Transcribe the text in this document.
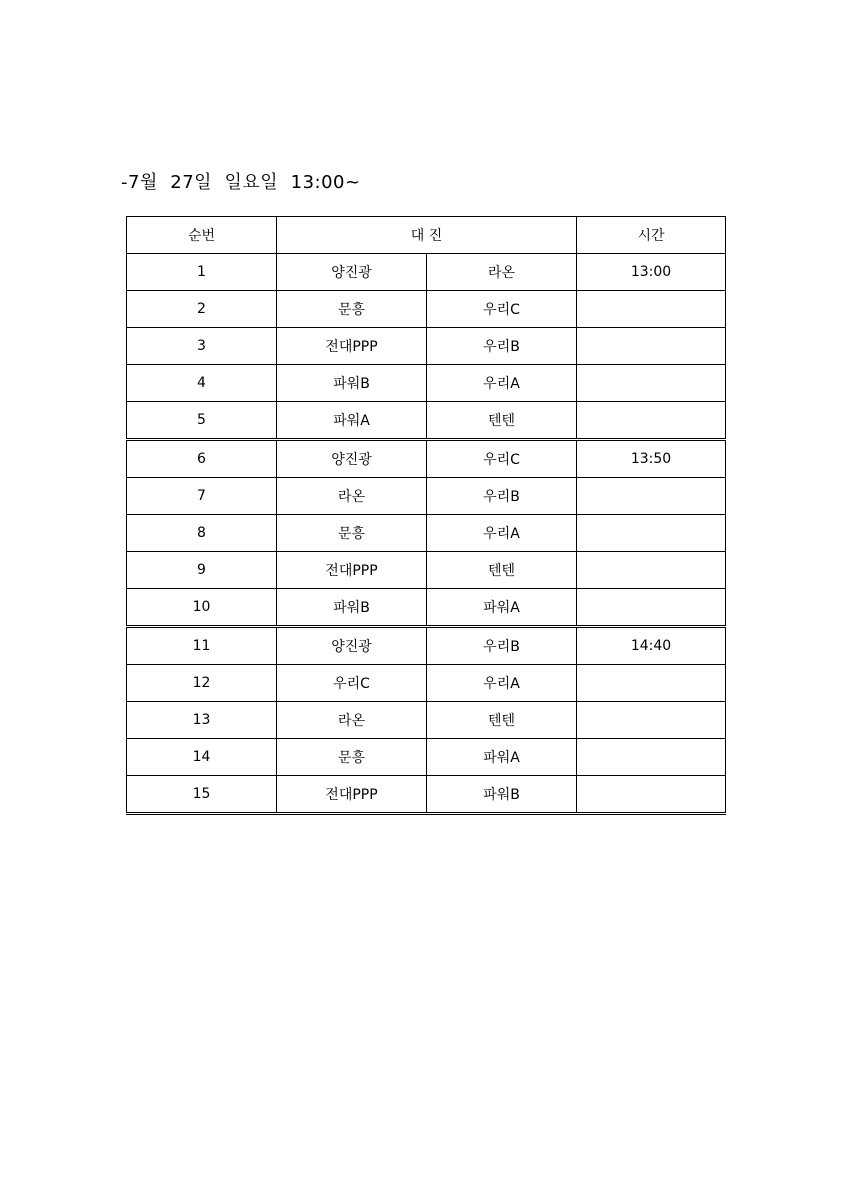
-7월  27일  일요일  13:00~
순번	대 진		시간
1	양진광	라온	13:00
2	문흥	우리C	
3	전대PPP	우리B	
4	파워B	우리A	
5	파워A	텐텐	
6	양진광	우리C	13:50
7	라온	우리B	
8	문흥	우리A	
9	전대PPP	텐텐	
10	파워B	파워A	
11	양진광	우리B	14:40
12	우리C	우리A	
13	라온	텐텐	
14	문흥	파워A	
15	전대PPP	파워B	
